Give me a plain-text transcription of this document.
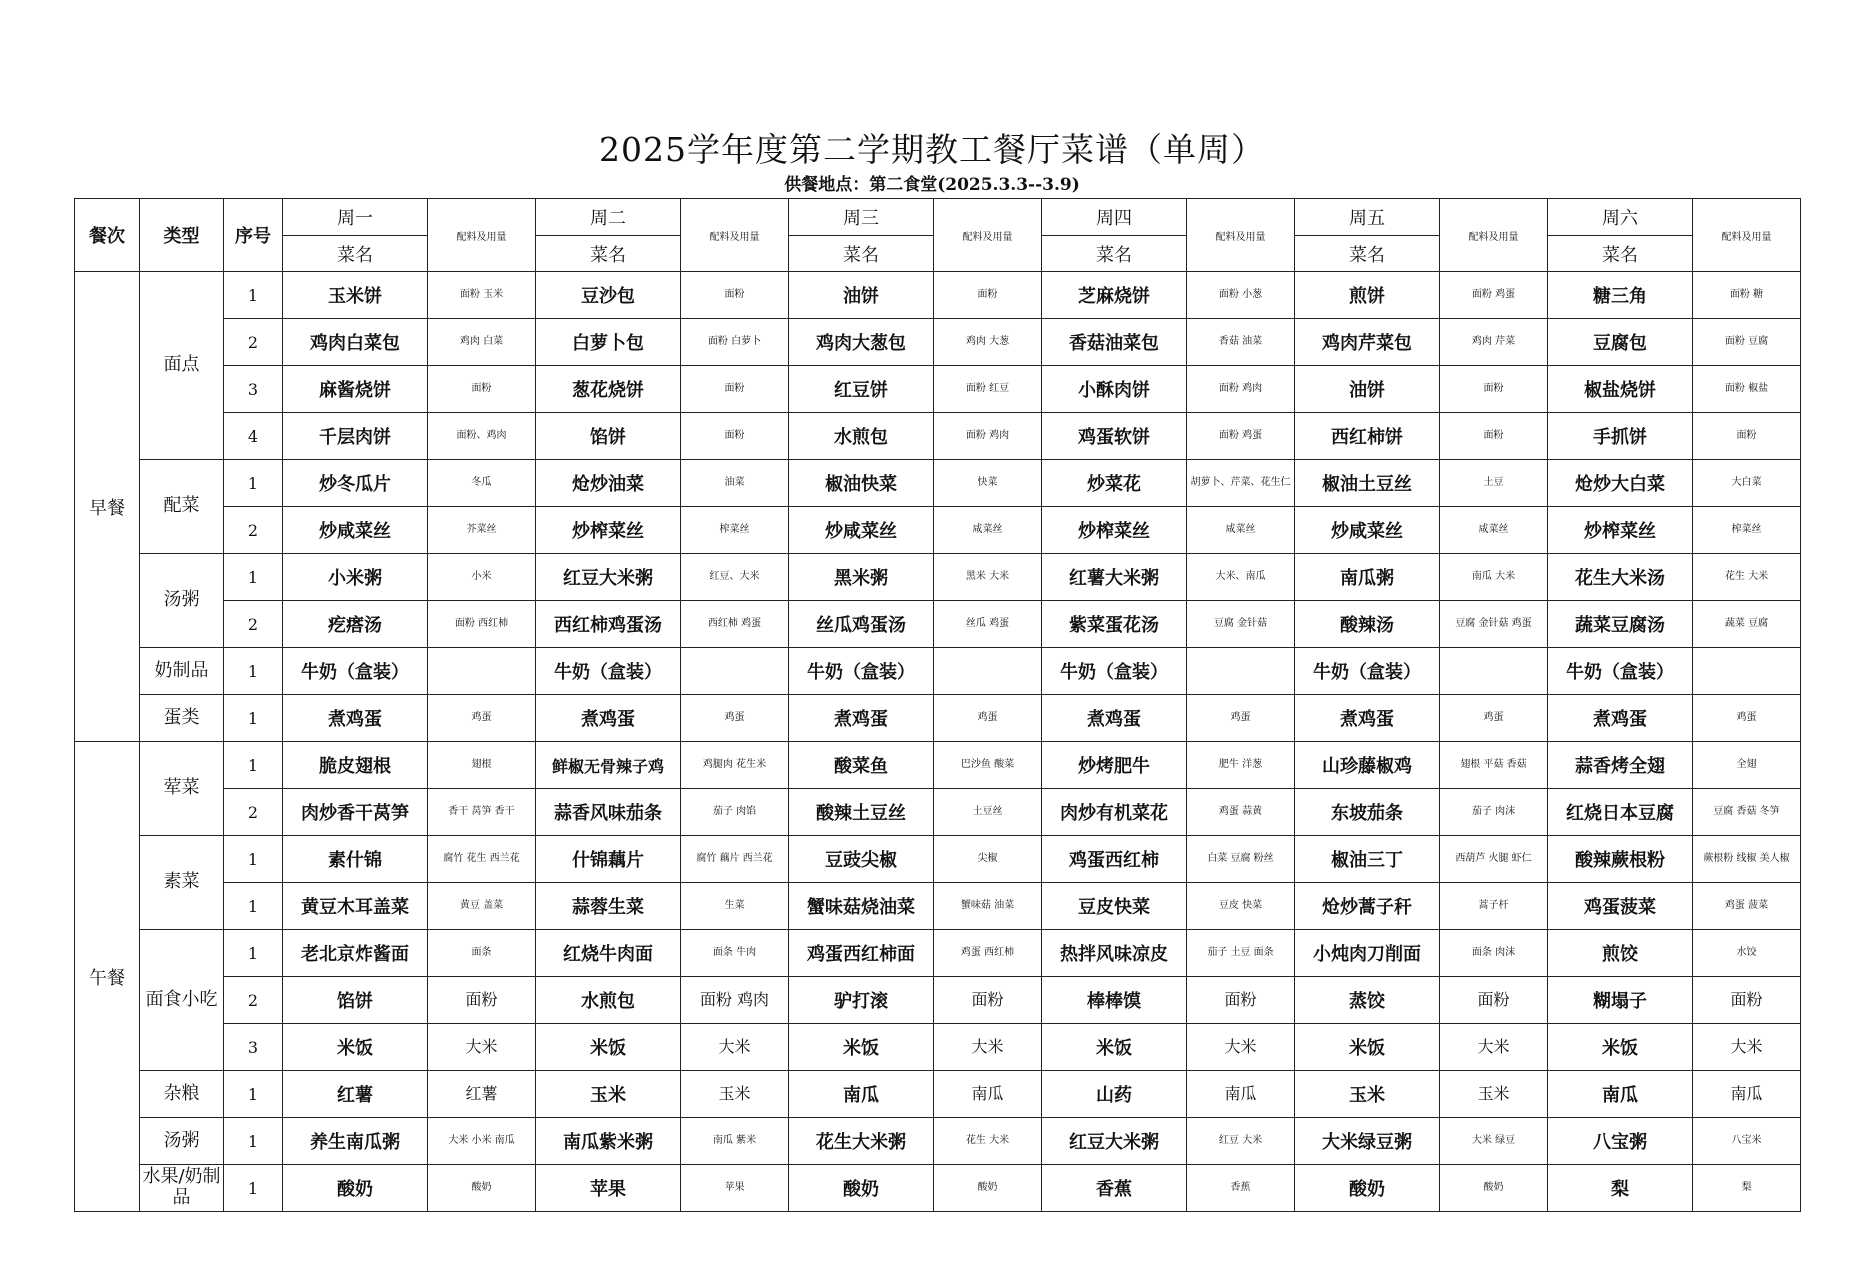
2025学年度第二学期教工餐厅菜谱（单周）
供餐地点：第二食堂(2025.3.3--3.9)
餐次	类型	序号	周一	配料及用量	周二	配料及用量	周三	配料及用量	周四	配料及用量	周五	配料及用量	周六	配料及用量
			菜名		菜名		菜名		菜名		菜名		菜名	
早餐	面点	1	玉米饼	面粉 玉米	豆沙包	面粉	油饼	面粉	芝麻烧饼	面粉 小葱	煎饼	面粉 鸡蛋	糖三角	面粉 糖
		2	鸡肉白菜包	鸡肉 白菜	白萝卜包	面粉 白萝卜	鸡肉大葱包	鸡肉 大葱	香菇油菜包	香菇 油菜	鸡肉芹菜包	鸡肉 芹菜	豆腐包	面粉 豆腐
		3	麻酱烧饼	面粉	葱花烧饼	面粉	红豆饼	面粉 红豆	小酥肉饼	面粉 鸡肉	油饼	面粉	椒盐烧饼	面粉 椒盐
		4	千层肉饼	面粉、鸡肉	馅饼	面粉	水煎包	面粉 鸡肉	鸡蛋软饼	面粉 鸡蛋	西红柿饼	面粉	手抓饼	面粉
	配菜	1	炒冬瓜片	冬瓜	炝炒油菜	油菜	椒油快菜	快菜	炒菜花	胡萝卜、芹菜、花生仁	椒油土豆丝	土豆	炝炒大白菜	大白菜
		2	炒咸菜丝	芥菜丝	炒榨菜丝	榨菜丝	炒咸菜丝	咸菜丝	炒榨菜丝	咸菜丝	炒咸菜丝	咸菜丝	炒榨菜丝	榨菜丝
	汤粥	1	小米粥	小米	红豆大米粥	红豆、大米	黑米粥	黑米 大米	红薯大米粥	大米、南瓜	南瓜粥	南瓜 大米	花生大米汤	花生 大米
		2	疙瘩汤	面粉 西红柿	西红柿鸡蛋汤	西红柿 鸡蛋	丝瓜鸡蛋汤	丝瓜 鸡蛋	紫菜蛋花汤	豆腐 金针菇	酸辣汤	豆腐 金针菇 鸡蛋	蔬菜豆腐汤	蔬菜 豆腐
	奶制品	1	牛奶（盒装）		牛奶（盒装）		牛奶（盒装）		牛奶（盒装）		牛奶（盒装）		牛奶（盒装）	
	蛋类	1	煮鸡蛋	鸡蛋	煮鸡蛋	鸡蛋	煮鸡蛋	鸡蛋	煮鸡蛋	鸡蛋	煮鸡蛋	鸡蛋	煮鸡蛋	鸡蛋
午餐	荤菜	1	脆皮翅根	翅根	鲜椒无骨辣子鸡	鸡腿肉 花生米	酸菜鱼	巴沙鱼 酸菜	炒烤肥牛	肥牛 洋葱	山珍藤椒鸡	翅根 平菇 香菇	蒜香烤全翅	全翅
		2	肉炒香干莴笋	香干 莴笋 香干	蒜香风味茄条	茄子 肉馅	酸辣土豆丝	土豆丝	肉炒有机菜花	鸡蛋 蒜黄	东坡茄条	茄子 肉沫	红烧日本豆腐	豆腐 香菇 冬笋
	素菜	1	素什锦	腐竹 花生 西兰花	什锦藕片	腐竹 藕片 西兰花	豆豉尖椒	尖椒	鸡蛋西红柿	白菜 豆腐 粉丝	椒油三丁	西葫芦 火腿 虾仁	酸辣蕨根粉	蕨根粉 线椒 美人椒
		1	黄豆木耳盖菜	黄豆 盖菜	蒜蓉生菜	生菜	蟹味菇烧油菜	蟹味菇 油菜	豆皮快菜	豆皮 快菜	炝炒蒿子秆	蒿子杆	鸡蛋菠菜	鸡蛋 菠菜
	面食小吃	1	老北京炸酱面	面条	红烧牛肉面	面条 牛肉	鸡蛋西红柿面	鸡蛋 西红柿	热拌风味凉皮	茄子 土豆 面条	小炖肉刀削面	面条 肉沫	煎饺	水饺
		2	馅饼	面粉	水煎包	面粉 鸡肉	驴打滚	面粉	棒棒馍	面粉	蒸饺	面粉	糊塌子	面粉
		3	米饭	大米	米饭	大米	米饭	大米	米饭	大米	米饭	大米	米饭	大米
	杂粮	1	红薯	红薯	玉米	玉米	南瓜	南瓜	山药	南瓜	玉米	玉米	南瓜	南瓜
	汤粥	1	养生南瓜粥	大米 小米 南瓜	南瓜紫米粥	南瓜 紫米	花生大米粥	花生 大米	红豆大米粥	红豆 大米	大米绿豆粥	大米 绿豆	八宝粥	八宝米
	水果/奶制品	1	酸奶	酸奶	苹果	苹果	酸奶	酸奶	香蕉	香蕉	酸奶	酸奶	梨	梨
